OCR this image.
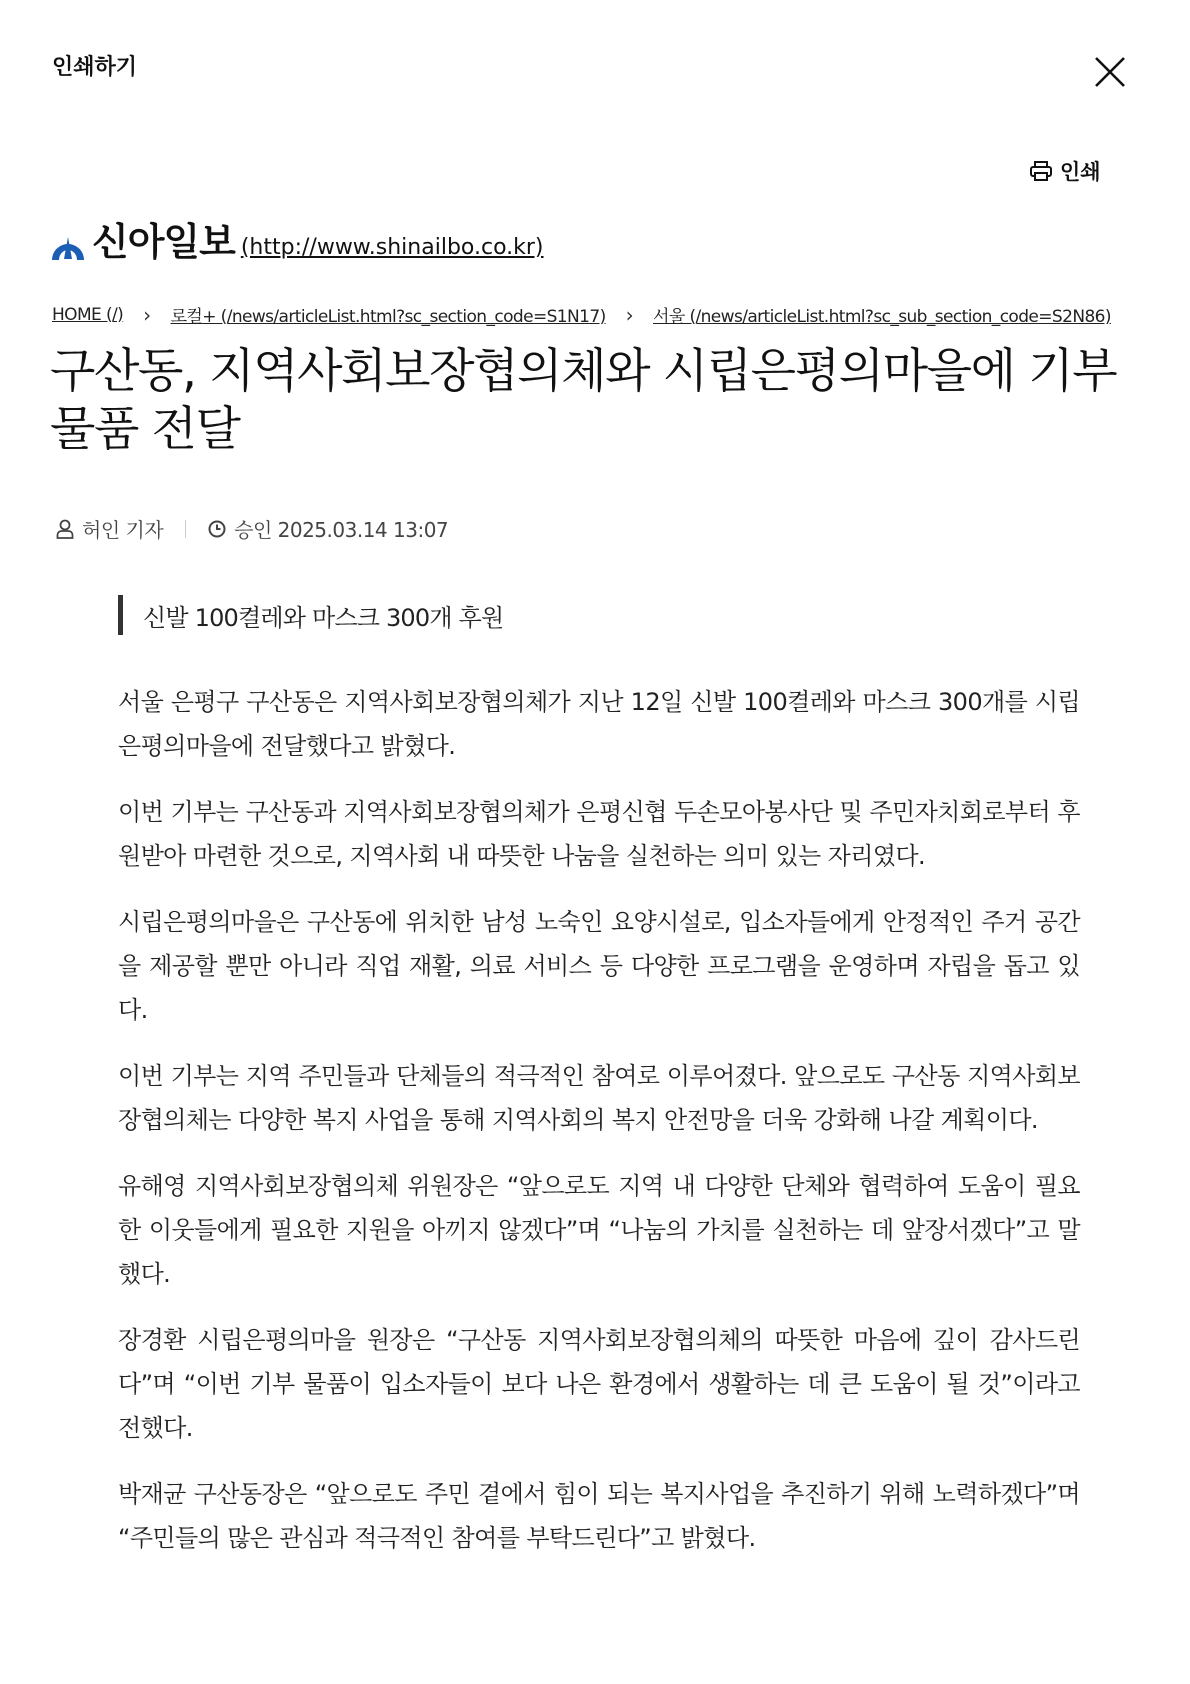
인쇄하기
인쇄
신아일보 (http://www.shinailbo.co.kr)
HOME (/) › 로컬+ (/news/articleList.html?sc_section_code=S1N17) › 서울 (/news/articleList.html?sc_sub_section_code=S2N86)
구산동, 지역사회보장협의체와 시립은평의마을에 기부 물품 전달
허인 기자	승인 2025.03.14 13:07
신발 100켤레와 마스크 300개 후원

서울 은평구 구산동은 지역사회보장협의체가 지난 12일 신발 100켤레와 마스크 300개를 시립은평의마을에 전달했다고 밝혔다.

이번 기부는 구산동과 지역사회보장협의체가 은평신협 두손모아봉사단 및 주민자치회로부터 후원받아 마련한 것으로, 지역사회 내 따뜻한 나눔을 실천하는 의미 있는 자리였다.

시립은평의마을은 구산동에 위치한 남성 노숙인 요양시설로, 입소자들에게 안정적인 주거 공간을 제공할 뿐만 아니라 직업 재활, 의료 서비스 등 다양한 프로그램을 운영하며 자립을 돕고 있다.

이번 기부는 지역 주민들과 단체들의 적극적인 참여로 이루어졌다. 앞으로도 구산동 지역사회보장협의체는 다양한 복지 사업을 통해 지역사회의 복지 안전망을 더욱 강화해 나갈 계획이다.

유해영 지역사회보장협의체 위원장은 “앞으로도 지역 내 다양한 단체와 협력하여 도움이 필요한 이웃들에게 필요한 지원을 아끼지 않겠다”며 “나눔의 가치를 실천하는 데 앞장서겠다”고 말했다.

장경환 시립은평의마을 원장은 “구산동 지역사회보장협의체의 따뜻한 마음에 깊이 감사드린다”며 “이번 기부 물품이 입소자들이 보다 나은 환경에서 생활하는 데 큰 도움이 될 것”이라고 전했다.

박재균 구산동장은 “앞으로도 주민 곁에서 힘이 되는 복지사업을 추진하기 위해 노력하겠다”며 “주민들의 많은 관심과 적극적인 참여를 부탁드린다”고 밝혔다.
